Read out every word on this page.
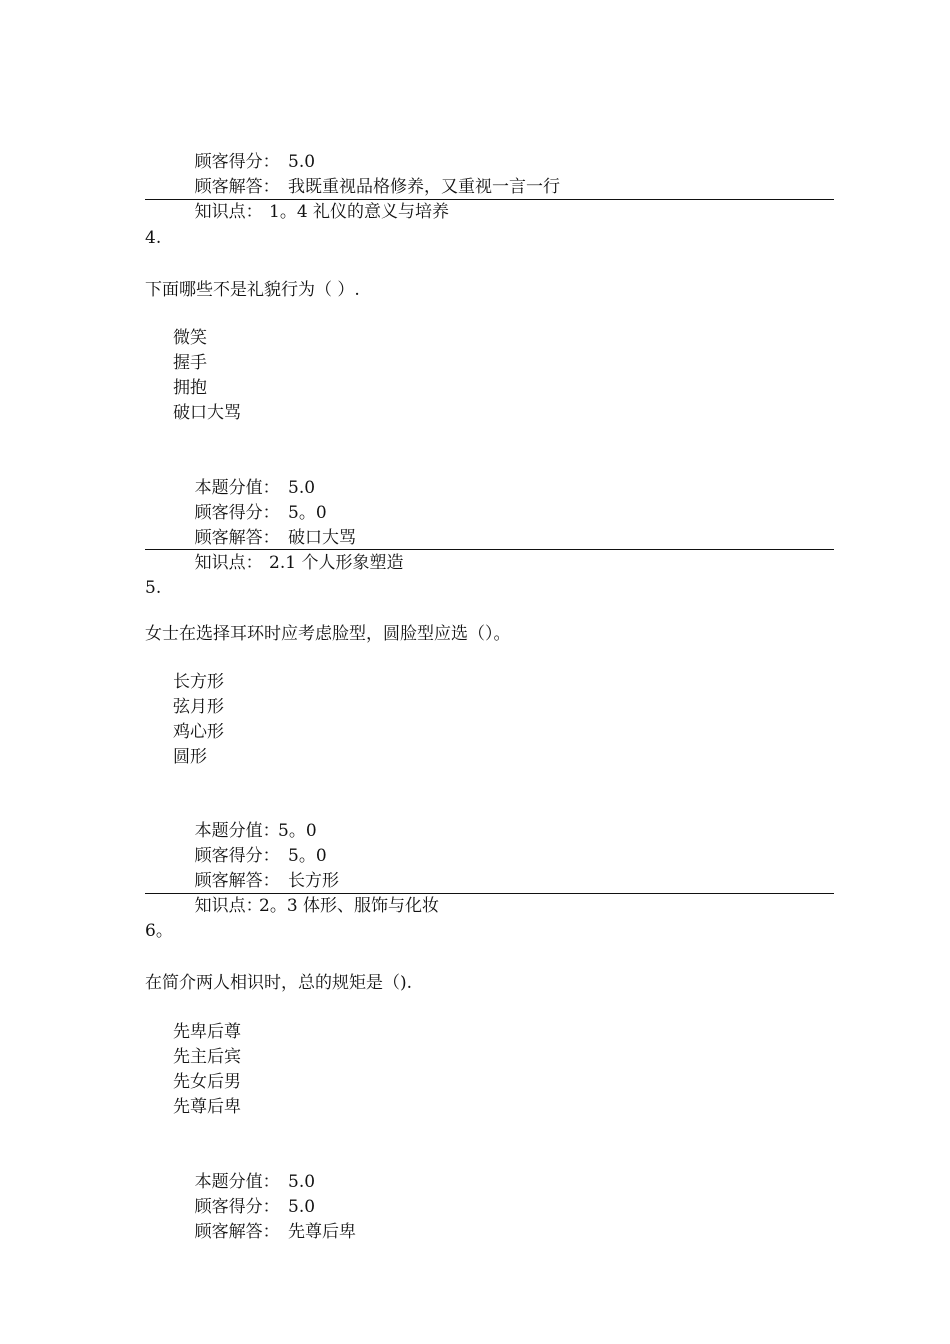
顾客得分： 5.0

顾客解答： 我既重视品格修养，又重视一言一行

知识点： 1。4 礼仪的意义与培养

4.
下面哪些不是礼貌行为（ ）.
微笑
握手
拥抱
破口大骂

本题分值： 5.0

顾客得分： 5。0

顾客解答： 破口大骂

知识点： 2.1 个人形象塑造

5.
女士在选择耳环时应考虑脸型，圆脸型应选（）。
长方形
弦月形
鸡心形
圆形

本题分值：
5。0

顾客得分： 5。0

顾客解答： 长方形

知识点：
2。3 体形、服饰与化妆

6。
在简介两人相识时，总的规矩是（).
先卑后尊
先主后宾
先女后男
先尊后卑

本题分值： 5.0

顾客得分： 5.0

顾客解答： 先尊后卑
